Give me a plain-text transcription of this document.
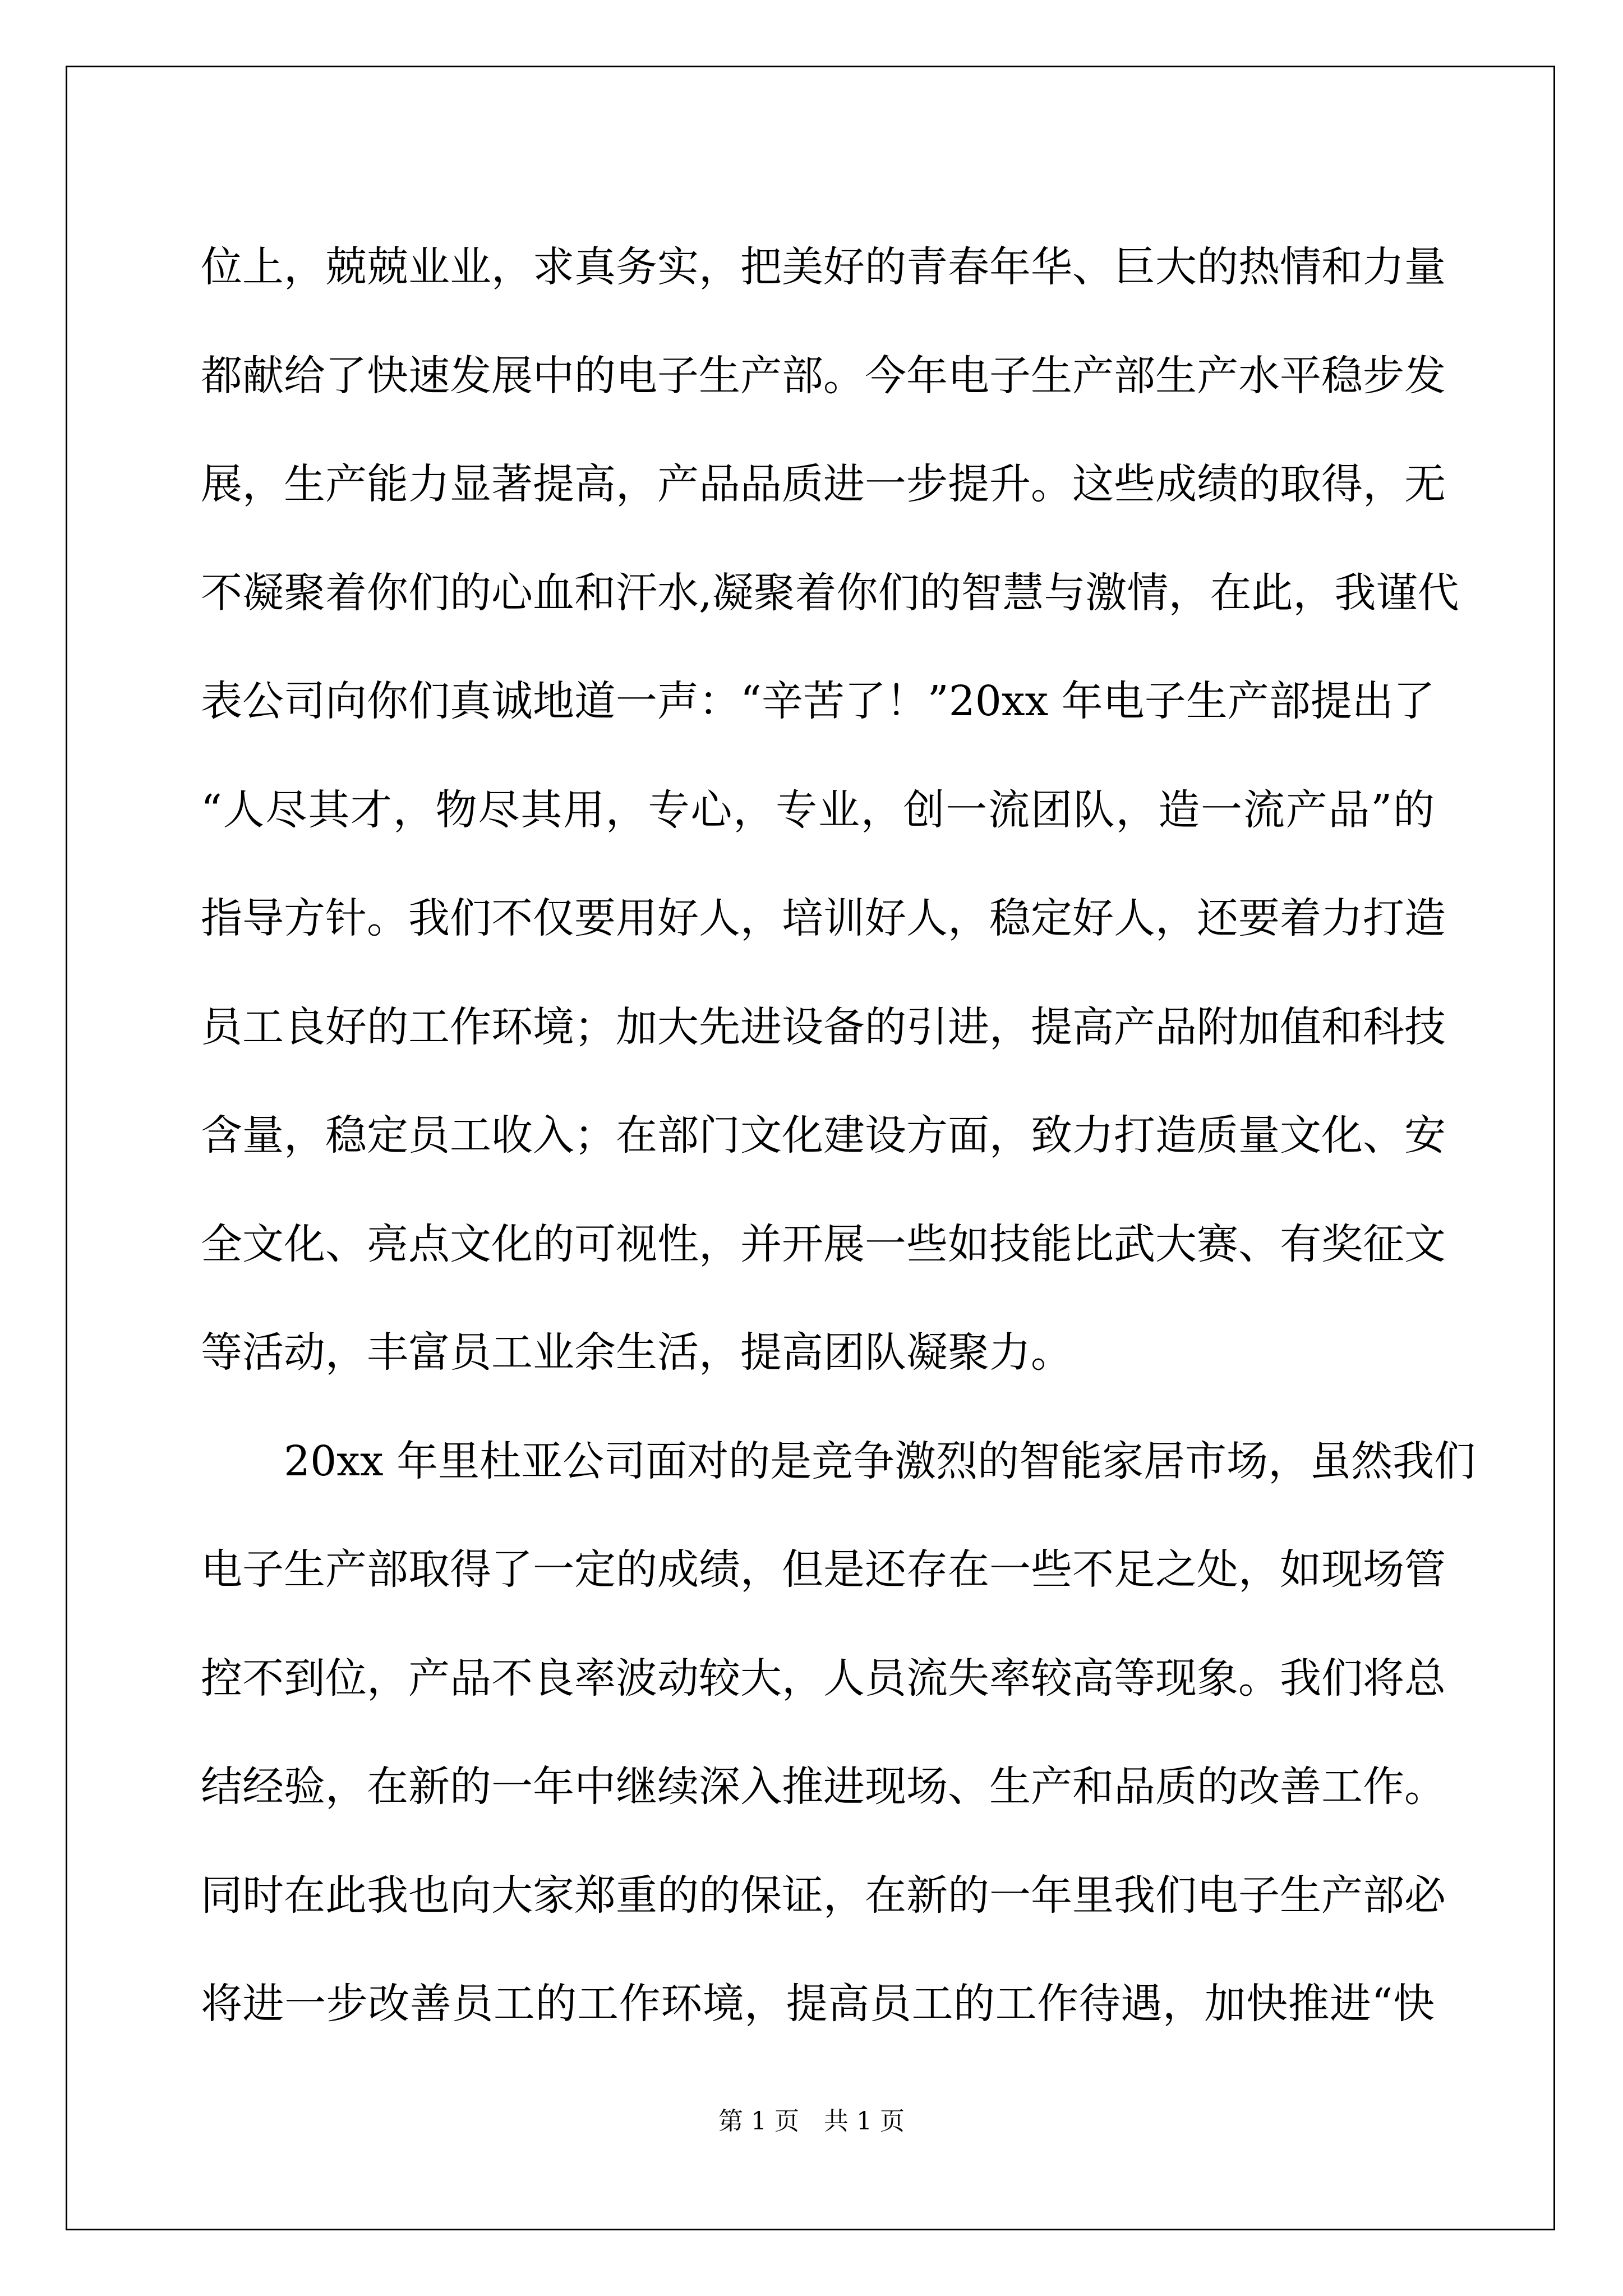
位上，兢兢业业，求真务实，把美好的青春年华、巨大的热情和力量
都献给了快速发展中的电子生产部。今年电子生产部生产水平稳步发
展，生产能力显著提高，产品品质进一步提升。这些成绩的取得，无
不凝聚着你们的心血和汗水,凝聚着你们的智慧与激情，在此，我谨代
表公司向你们真诚地道一声：“辛苦了！”20xx 年电子生产部提出了
“人尽其才，物尽其用，专心，专业，创一流团队，造一流产品”的
指导方针。我们不仅要用好人，培训好人，稳定好人，还要着力打造
员工良好的工作环境；加大先进设备的引进，提高产品附加值和科技
含量，稳定员工收入；在部门文化建设方面，致力打造质量文化、安
全文化、亮点文化的可视性，并开展一些如技能比武大赛、有奖征文
等活动，丰富员工业余生活，提高团队凝聚力。
　　20xx 年里杜亚公司面对的是竞争激烈的智能家居市场，虽然我们
电子生产部取得了一定的成绩，但是还存在一些不足之处，如现场管
控不到位，产品不良率波动较大，人员流失率较高等现象。我们将总
结经验，在新的一年中继续深入推进现场、生产和品质的改善工作。
同时在此我也向大家郑重的的保证，在新的一年里我们电子生产部必
将进一步改善员工的工作环境，提高员工的工作待遇，加快推进“快
第 1 页　共 1 页
